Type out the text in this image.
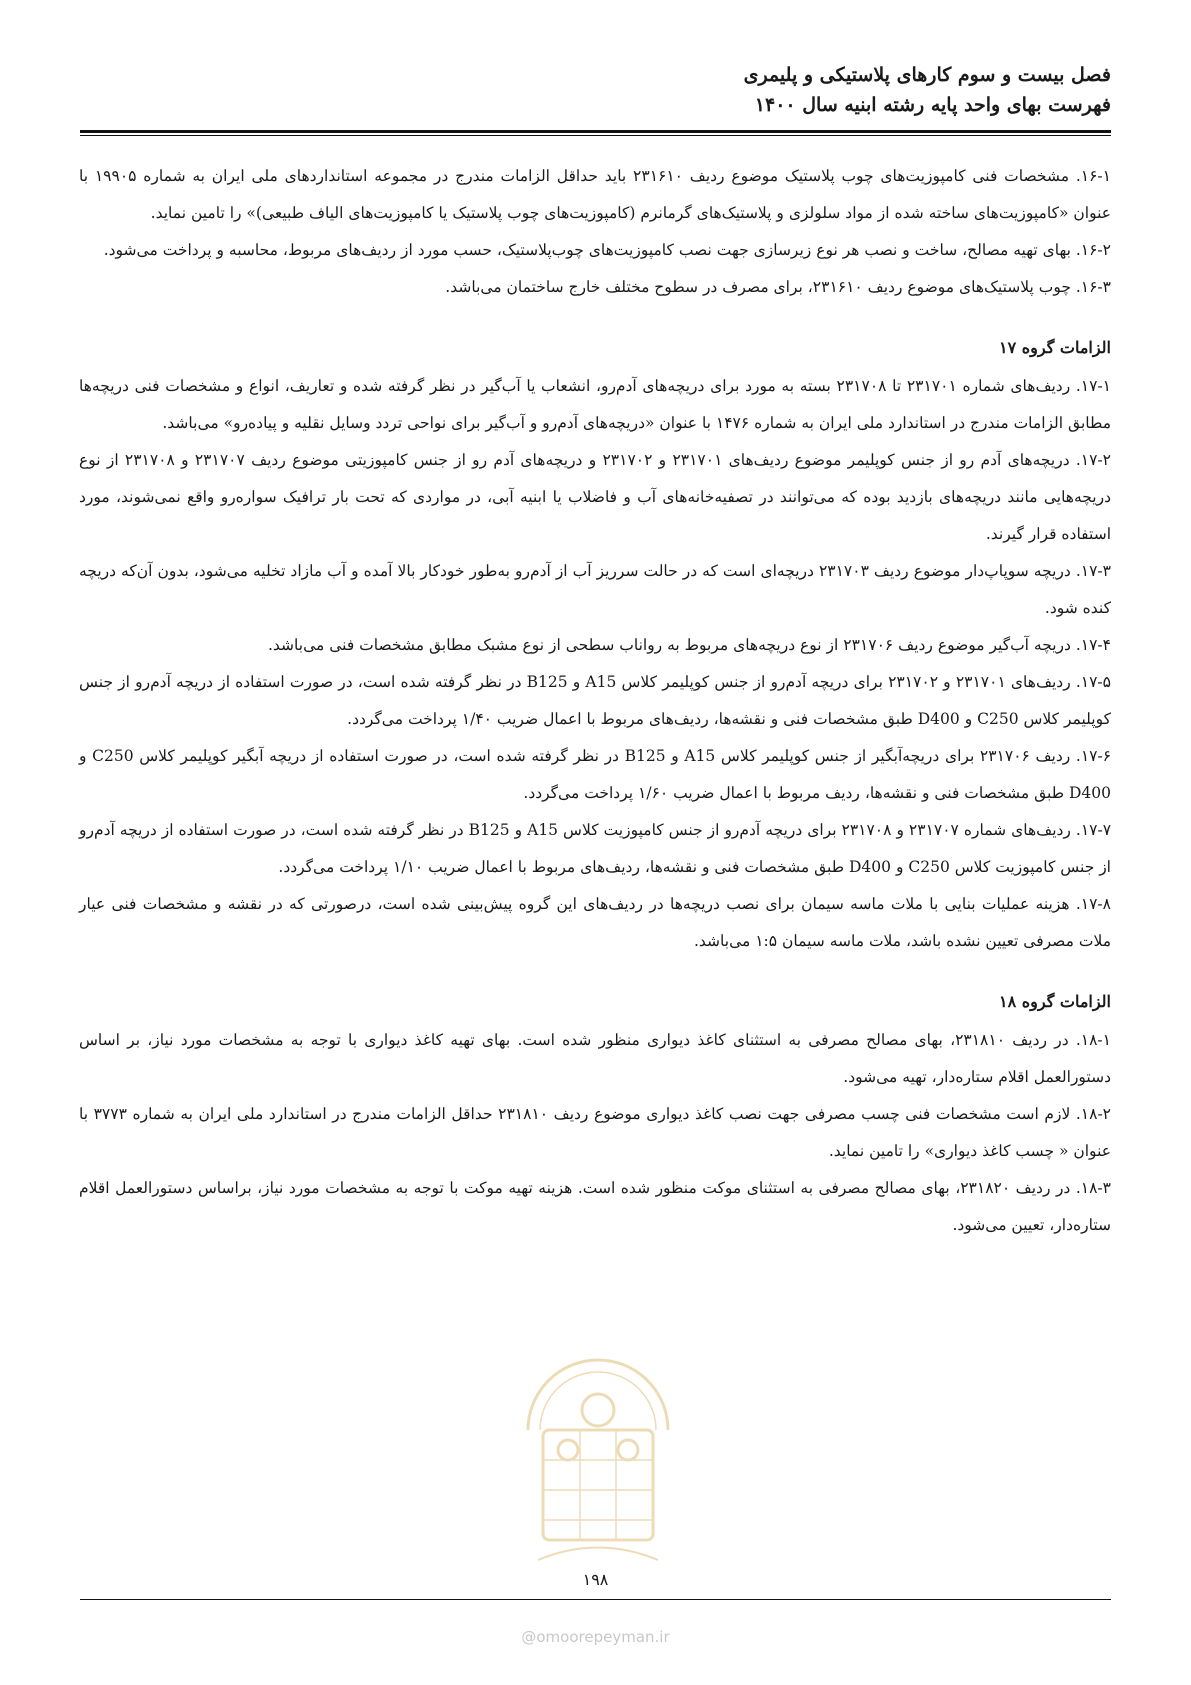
فصل بیست و سوم کارهای پلاستیکی و پلیمری
فهرست بهای واحد پایه رشته ابنیه سال ۱۴۰۰

۱۶-۱. مشخصات فنی کامپوزیت‌های چوب پلاستیک موضوع ردیف ۲۳۱۶۱۰ باید حداقل الزامات مندرج در مجموعه استانداردهای ملی ایران به شماره ۱۹۹۰۵ با عنوان «کامپوزیت‌های ساخته شده از مواد سلولزی و پلاستیک‌های گرمانرم (کامپوزیت‌های چوب پلاستیک یا کامپوزیت‌های الیاف طبیعی)» را تامین نماید.

۱۶-۲. بهای تهیه مصالح، ساخت و نصب هر نوع زیرسازی جهت نصب کامپوزیت‌های چوب‌پلاستیک، حسب مورد از ردیف‌های مربوط، محاسبه و پرداخت می‌شود.

۱۶-۳. چوب پلاستیک‌های موضوع ردیف ۲۳۱۶۱۰، برای مصرف در سطوح مختلف خارج ساختمان می‌باشد.

الزامات گروه ۱۷

۱۷-۱. ردیف‌های شماره ۲۳۱۷۰۱ تا ۲۳۱۷۰۸ بسته به مورد برای دریچه‌های آدم‌رو، انشعاب یا آب‌گیر در نظر گرفته شده و تعاریف، انواع و مشخصات فنی دریچه‌ها مطابق الزامات مندرج در استاندارد ملی ایران به شماره ۱۴۷۶ با عنوان «دریچه‌های آدم‌رو و آب‌گیر برای نواحی تردد وسایل نقلیه و پیاده‌رو» می‌باشد.

۱۷-۲. دریچه‌های آدم رو از جنس کوپلیمر موضوع ردیف‌های ۲۳۱۷۰۱ و ۲۳۱۷۰۲ و دریچه‌های آدم رو از جنس کامپوزیتی موضوع ردیف ۲۳۱۷۰۷ و ۲۳۱۷۰۸ از نوع دریچه‌هایی مانند دریچه‌های بازدید بوده که می‌توانند در تصفیه‌خانه‌های آب و فاضلاب یا ابنیه آبی، در مواردی که تحت بار ترافیک سواره‌رو واقع نمی‌شوند، مورد استفاده قرار گیرند.

۱۷-۳. دریچه سوپاپ‌دار موضوع ردیف ۲۳۱۷۰۳ دریچه‌ای است که در حالت سرریز آب از آدم‌رو به‌طور خودکار بالا آمده و آب مازاد تخلیه می‌شود، بدون آن‌که دریچه کنده شود.

۱۷-۴. دریچه آب‌گیر موضوع ردیف ۲۳۱۷۰۶ از نوع دریچه‌های مربوط به رواناب سطحی از نوع مشبک مطابق مشخصات فنی می‌باشد.

۱۷-۵. ردیف‌های ۲۳۱۷۰۱ و ۲۳۱۷۰۲ برای دریچه آدم‌رو از جنس کوپلیمر کلاس A15 و B125 در نظر گرفته شده است، در صورت استفاده از دریچه آدم‌رو از جنس کوپلیمر کلاس C250 و D400 طبق مشخصات فنی و نقشه‌ها، ردیف‌های مربوط با اعمال ضریب ۱/۴۰ پرداخت می‌گردد.

۱۷-۶. ردیف ۲۳۱۷۰۶ برای دریچه‌آبگیر از جنس کوپلیمر کلاس A15 و B125 در نظر گرفته شده است، در صورت استفاده از دریچه آبگیر کوپلیمر کلاس C250 و D400 طبق مشخصات فنی و نقشه‌ها، ردیف مربوط با اعمال ضریب ۱/۶۰ پرداخت می‌گردد.

۱۷-۷. ردیف‌های شماره ۲۳۱۷۰۷ و ۲۳۱۷۰۸ برای دریچه آدم‌رو از جنس کامپوزیت کلاس A15 و B125 در نظر گرفته شده است، در صورت استفاده از دریچه آدم‌رو از جنس کامپوزیت کلاس C250 و D400 طبق مشخصات فنی و نقشه‌ها، ردیف‌های مربوط با اعمال ضریب ۱/۱۰ پرداخت می‌گردد.

۱۷-۸. هزینه عملیات بنایی با ملات ماسه سیمان برای نصب دریچه‌ها در ردیف‌های این گروه پیش‌بینی شده است، درصورتی که در نقشه و مشخصات فنی عیار ملات مصرفی تعیین نشده باشد، ملات ماسه سیمان ۱:۵ می‌باشد.

الزامات گروه ۱۸

۱۸-۱. در ردیف ۲۳۱۸۱۰، بهای مصالح مصرفی به استثنای کاغذ دیواری منظور شده است. بهای تهیه کاغذ دیواری با توجه به مشخصات مورد نیاز، بر اساس دستورالعمل اقلام ستاره‌دار، تهیه می‌شود.

۱۸-۲. لازم است مشخصات فنی چسب مصرفی جهت نصب کاغذ دیواری موضوع ردیف ۲۳۱۸۱۰ حداقل الزامات مندرج در استاندارد ملی ایران به شماره ۳۷۷۳ با عنوان « چسب کاغذ دیواری» را تامین نماید.

۱۸-۳. در ردیف ۲۳۱۸۲۰، بهای مصالح مصرفی به استثنای موکت منظور شده است. هزینه تهیه موکت با توجه به مشخصات مورد نیاز، براساس دستورالعمل اقلام ستاره‌دار، تعیین می‌شود.

۱۹۸
@omoorepeyman.ir
